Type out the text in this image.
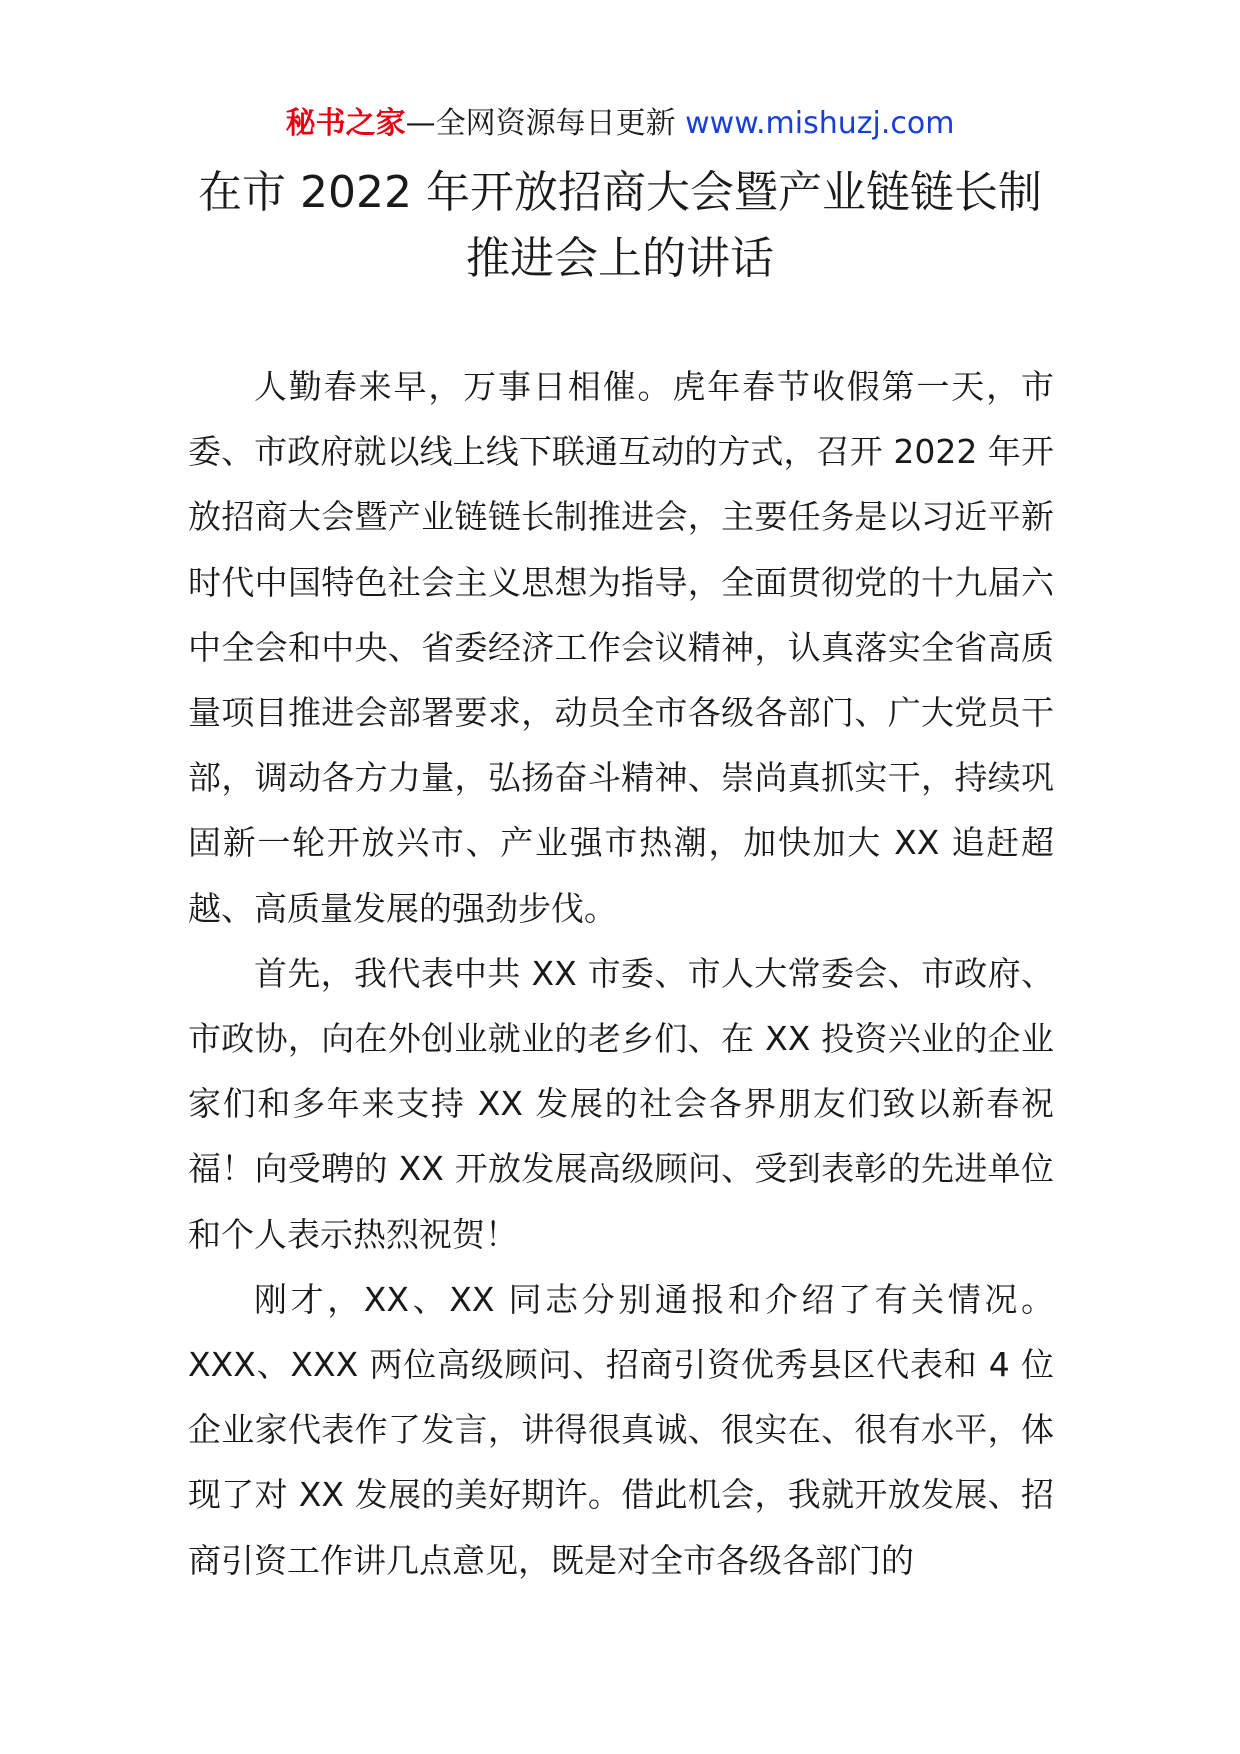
秘书之家—全网资源每日更新 www.mishuzj.com
在市 2022 年开放招商大会暨产业链链长制
推进会上的讲话

人勤春来早，万事日相催。虎年春节收假第一天，市委、市政府就以线上线下联通互动的方式，召开 2022 年开放招商大会暨产业链链长制推进会，主要任务是以习近平新时代中国特色社会主义思想为指导，全面贯彻党的十九届六中全会和中央、省委经济工作会议精神，认真落实全省高质量项目推进会部署要求，动员全市各级各部门、广大党员干部，调动各方力量，弘扬奋斗精神、崇尚真抓实干，持续巩固新一轮开放兴市、产业强市热潮，加快加大 XX 追赶超越、高质量发展的强劲步伐。

首先，我代表中共 XX 市委、市人大常委会、市政府、市政协，向在外创业就业的老乡们、在 XX 投资兴业的企业家们和多年来支持 XX 发展的社会各界朋友们致以新春祝福！向受聘的 XX 开放发展高级顾问、受到表彰的先进单位和个人表示热烈祝贺！

刚才，XX、XX 同志分别通报和介绍了有关情况。XXX、XXX 两位高级顾问、招商引资优秀县区代表和 4 位企业家代表作了发言，讲得很真诚、很实在、很有水平，体现了对 XX 发展的美好期许。借此机会，我就开放发展、招商引资工作讲几点意见，既是对全市各级各部门的
